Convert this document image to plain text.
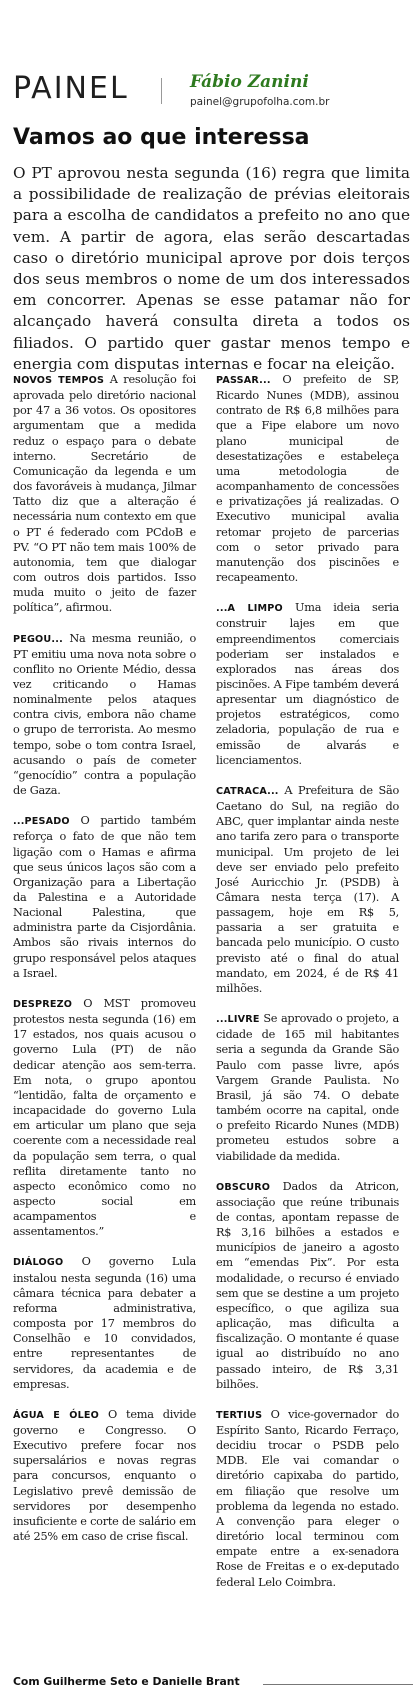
PAINEL	Fábio Zanini
painel@grupofolha.com.br
Vamos ao que interessa

O PT aprovou nesta segunda (16) regra que limita a possibilidade de realização de prévias eleitorais para a escolha de candidatos a prefeito no ano que vem. A partir de agora, elas serão descartadas caso o diretório municipal aprove por dois terços dos seus membros o nome de um dos interessados em concorrer. Apenas se esse patamar não for alcançado haverá consulta direta a todos os filiados. O partido quer gastar menos tempo e energia com disputas internas e focar na eleição.

NOVOS TEMPOS A resolução foi aprovada pelo diretório nacional por 47 a 36 votos. Os opositores argumentam que a medida reduz o espaço para o debate interno. Secretário de Comunicação da legenda e um dos favoráveis à mudança, Jilmar Tatto diz que a alteração é necessária num contexto em que o PT é federado com PCdoB e PV. “O PT não tem mais 100% de autonomia, tem que dialogar com outros dois partidos. Isso muda muito o jeito de fazer política”, afirmou.

PEGOU... Na mesma reunião, o PT emitiu uma nova nota sobre o conflito no Oriente Médio, dessa vez criticando o Hamas nominalmente pelos ataques contra civis, embora não chame o grupo de terrorista. Ao mesmo tempo, sobe o tom contra Israel, acusando o país de cometer “genocídio” contra a população de Gaza.

...PESADO O partido também reforça o fato de que não tem ligação com o Hamas e afirma que seus únicos laços são com a Organização para a Libertação da Palestina e a Autoridade Nacional Palestina, que administra parte da Cisjordânia. Ambos são rivais internos do grupo responsável pelos ataques a Israel.

DESPREZO O MST promoveu protestos nesta segunda (16) em 17 estados, nos quais acusou o governo Lula (PT) de não dedicar atenção aos sem-terra. Em nota, o grupo apontou “lentidão, falta de orçamento e incapacidade do governo Lula em articular um plano que seja coerente com a necessidade real da população sem terra, o qual reflita diretamente tanto no aspecto econômico como no aspecto social em acampamentos e assentamentos.”

DIÁLOGO O governo Lula instalou nesta segunda (16) uma câmara técnica para debater a reforma administrativa, composta por 17 membros do Conselhão e 10 convidados, entre representantes de servidores, da academia e de empresas.

ÁGUA E ÓLEO O tema divide governo e Congresso. O Executivo prefere focar nos supersalários e novas regras para concursos, enquanto o Legislativo prevê demissão de servidores por desempenho insuficiente e corte de salário em até 25% em caso de crise fiscal.

PASSAR... O prefeito de SP, Ricardo Nunes (MDB), assinou contrato de R$ 6,8 milhões para que a Fipe elabore um novo plano municipal de desestatizações e estabeleça uma metodologia de acompanhamento de concessões e privatizações já realizadas. O Executivo municipal avalia retomar projeto de parcerias com o setor privado para manutenção dos piscinões e recapeamento.

...A LIMPO Uma ideia seria construir lajes em que empreendimentos comerciais poderiam ser instalados e explorados nas áreas dos piscinões. A Fipe também deverá apresentar um diagnóstico de projetos estratégicos, como zeladoria, população de rua e emissão de alvarás e licenciamentos.

CATRACA... A Prefeitura de São Caetano do Sul, na região do ABC, quer implantar ainda neste ano tarifa zero para o transporte municipal. Um projeto de lei deve ser enviado pelo prefeito José Auricchio Jr. (PSDB) à Câmara nesta terça (17). A passagem, hoje em R$ 5, passaria a ser gratuita e bancada pelo município. O custo previsto até o final do atual mandato, em 2024, é de R$ 41 milhões.

...LIVRE Se aprovado o projeto, a cidade de 165 mil habitantes seria a segunda da Grande São Paulo com passe livre, após Vargem Grande Paulista. No Brasil, já são 74. O debate também ocorre na capital, onde o prefeito Ricardo Nunes (MDB) prometeu estudos sobre a viabilidade da medida.

OBSCURO Dados da Atricon, associação que reúne tribunais de contas, apontam repasse de R$ 3,16 bilhões a estados e municípios de janeiro a agosto em “emendas Pix”. Por esta modalidade, o recurso é enviado sem que se destine a um projeto específico, o que agiliza sua aplicação, mas dificulta a fiscalização. O montante é quase igual ao distribuído no ano passado inteiro, de R$ 3,31 bilhões.

TERTIUS O vice-governador do Espírito Santo, Ricardo Ferraço, decidiu trocar o PSDB pelo MDB. Ele vai comandar o diretório capixaba do partido, em filiação que resolve um problema da legenda no estado. A convenção para eleger o diretório local terminou com empate entre a ex-senadora Rose de Freitas e o ex-deputado federal Lelo Coimbra.

Com Guilherme Seto e Danielle Brant
